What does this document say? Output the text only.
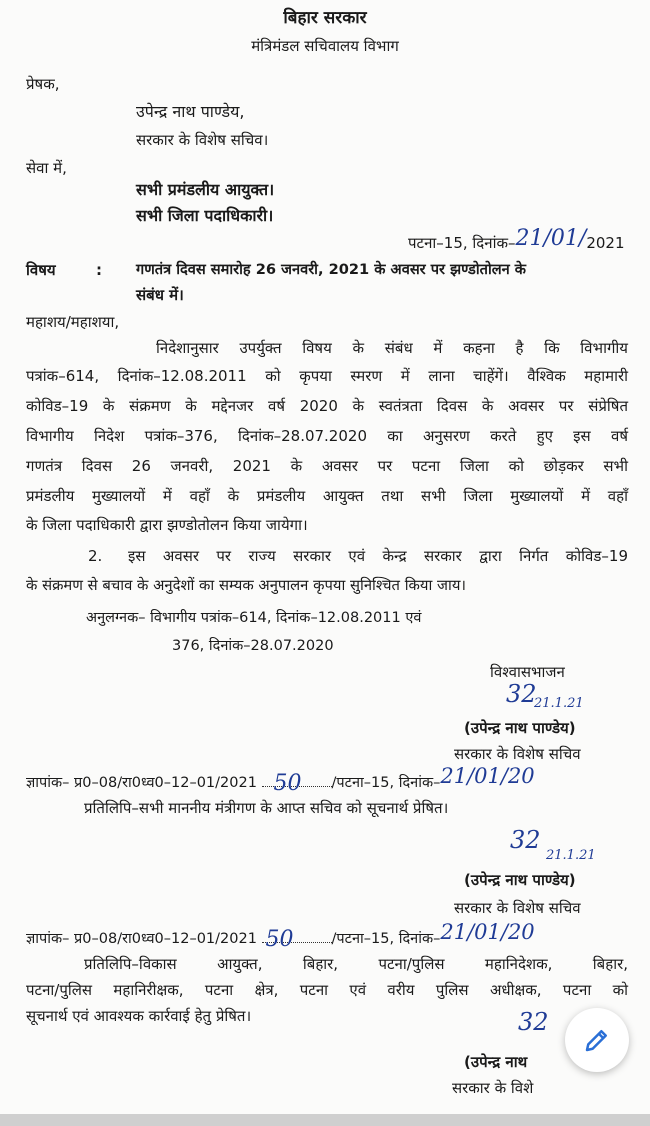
बिहार सरकार
मंत्रिमंडल सचिवालय विभाग
प्रेषक,
उपेन्द्र नाथ पाण्डेय,
सरकार के विशेष सचिव।
सेवा में,
सभी प्रमंडलीय आयुक्त।
सभी जिला पदाधिकारी।
पटना–15, दिनांक–21/01/2021
विषय	: गणतंत्र दिवस समारोह 26 जनवरी, 2021 के अवसर पर झण्डोतोलन के
संबंध में।
महाशय/महाशया,
निदेशानुसार उपर्युक्त विषय के संबंध में कहना है कि विभागीय
पत्रांक–614, दिनांक–12.08.2011 को कृपया स्मरण में लाना चाहेंगें। वैश्विक महामारी
कोविड–19 के संक्रमण के मद्देनजर वर्ष 2020 के स्वतंत्रता दिवस के अवसर पर संप्रेषित
विभागीय निदेश पत्रांक–376, दिनांक–28.07.2020 का अनुसरण करते हुए इस वर्ष
गणतंत्र दिवस 26 जनवरी, 2021 के अवसर पर पटना जिला को छोड़कर सभी
प्रमंडलीय मुख्यालयों में वहाँ के प्रमंडलीय आयुक्त तथा सभी जिला मुख्यालयों में वहाँ
के जिला पदाधिकारी द्वारा झण्डोतोलन किया जायेगा।
2. इस अवसर पर राज्य सरकार एवं केन्द्र सरकार द्वारा निर्गत कोविड–19
के संक्रमण से बचाव के अनुदेशों का सम्यक अनुपालन कृपया सुनिश्चित किया जाय।
अनुलग्नक– विभागीय पत्रांक–614, दिनांक–12.08.2011 एवं
376, दिनांक–28.07.2020
विश्वासभाजन
32
21.1.21
(उपेन्द्र नाथ पाण्डेय)
सरकार के विशेष सचिव
ज्ञापांक– प्र0–08/रा0ध्व0–12–01/2021 50 /पटना–15, दिनांक–21/01/20
प्रतिलिपि–सभी माननीय मंत्रीगण के आप्त सचिव को सूचनार्थ प्रेषित।
32
21.1.21
(उपेन्द्र नाथ पाण्डेय)
सरकार के विशेष सचिव
ज्ञापांक– प्र0–08/रा0ध्व0–12–01/2021 50	/पटना–15, दिनांक–21/01/20
प्रतिलिपि–विकास आयुक्त, बिहार, पटना/पुलिस महानिदेशक, बिहार,
पटना/पुलिस महानिरीक्षक, पटना क्षेत्र, पटना एवं वरीय पुलिस अधीक्षक, पटना को
सूचनार्थ एवं आवश्यक कार्रवाई हेतु प्रेषित।	32
(उपेन्द्र नाथ
सरकार के विशे
